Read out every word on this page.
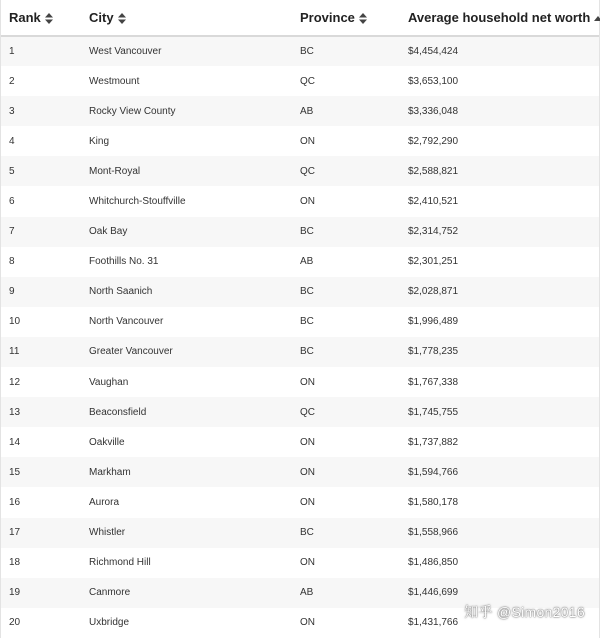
Rank	City	Province	Average household net worth

1	West Vancouver	BC	$4,454,424
2	Westmount	QC	$3,653,100
3	Rocky View County	AB	$3,336,048
4	King	ON	$2,792,290
5	Mont-Royal	QC	$2,588,821
6	Whitchurch-Stouffville	ON	$2,410,521
7	Oak Bay	BC	$2,314,752
8	Foothills No. 31	AB	$2,301,251
9	North Saanich	BC	$2,028,871
10	North Vancouver	BC	$1,996,489
11	Greater Vancouver	BC	$1,778,235
12	Vaughan	ON	$1,767,338
13	Beaconsfield	QC	$1,745,755
14	Oakville	ON	$1,737,882
15	Markham	ON	$1,594,766
16	Aurora	ON	$1,580,178
17	Whistler	BC	$1,558,966
18	Richmond Hill	ON	$1,486,850
19	Canmore	AB	$1,446,699
20	Uxbridge	ON	$1,431,766
知乎 @Simon2016
